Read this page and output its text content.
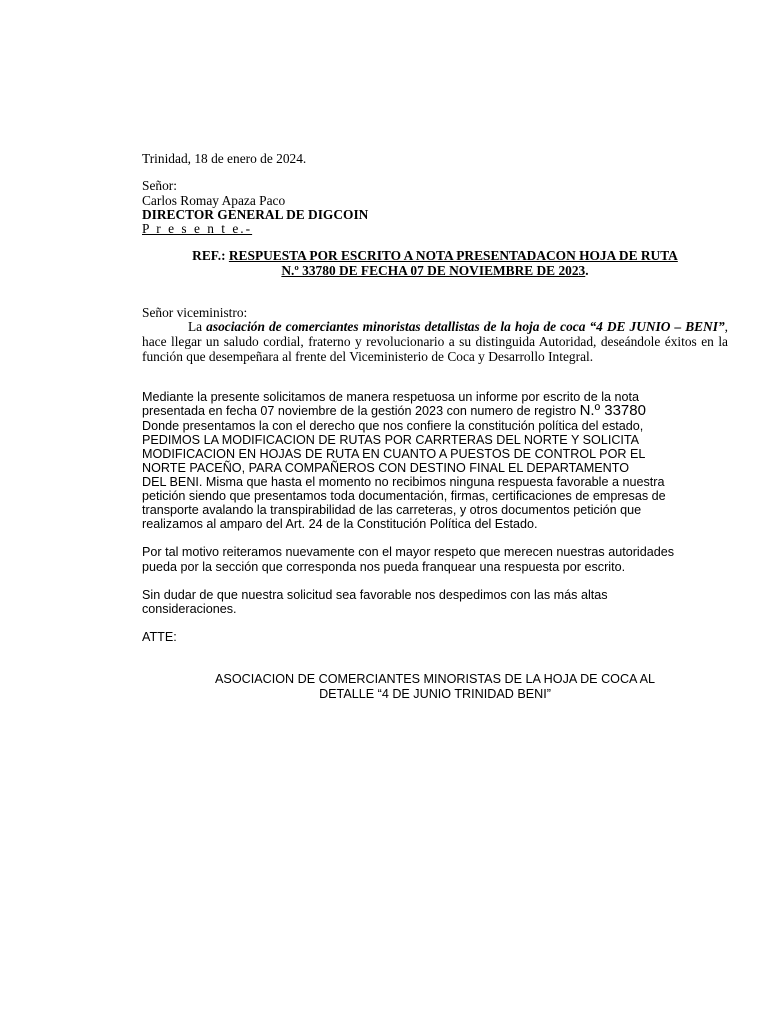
Trinidad, 18 de enero de 2024.
Señor:
Carlos Romay Apaza Paco
DIRECTOR GENERAL DE DIGCOIN
P r e s e n t e.-
REF.: RESPUESTA POR ESCRITO A NOTA PRESENTADACON HOJA DE RUTA
N.º 33780 DE FECHA 07 DE NOVIEMBRE DE 2023.
Señor viceministro:
La asociación de comerciantes minoristas detallistas de la hoja de coca “4 DE JUNIO – BENI”, hace llegar un saludo cordial, fraterno y revolucionario a su distinguida Autoridad, deseándole éxitos en la función que desempeñara al frente del Viceministerio de Coca y Desarrollo Integral.
Mediante la presente solicitamos de manera respetuosa un informe por escrito de la nota
presentada en fecha 07 noviembre de la gestión 2023 con numero de registro N.º 33780
Donde presentamos la con el derecho que nos confiere la constitución política del estado,
PEDIMOS LA MODIFICACION DE RUTAS POR CARRTERAS DEL NORTE Y SOLICITA
MODIFICACION EN HOJAS DE RUTA EN CUANTO A PUESTOS DE CONTROL POR EL
NORTE PACEÑO, PARA COMPAÑEROS CON DESTINO FINAL EL DEPARTAMENTO
DEL BENI. Misma que hasta el momento no recibimos ninguna respuesta favorable a nuestra
petición siendo que presentamos toda documentación, firmas, certificaciones de empresas de
transporte avalando la transpirabilidad de las carreteras, y otros documentos petición que
realizamos al amparo del Art. 24 de la Constitución Política del Estado.
Por tal motivo reiteramos nuevamente con el mayor respeto que merecen nuestras autoridades
pueda por la sección que corresponda nos pueda franquear una respuesta por escrito.
Sin dudar de que nuestra solicitud sea favorable nos despedimos con las más altas
consideraciones.
ATTE:
ASOCIACION DE COMERCIANTES MINORISTAS DE LA HOJA DE COCA AL
DETALLE “4 DE JUNIO TRINIDAD BENI”
